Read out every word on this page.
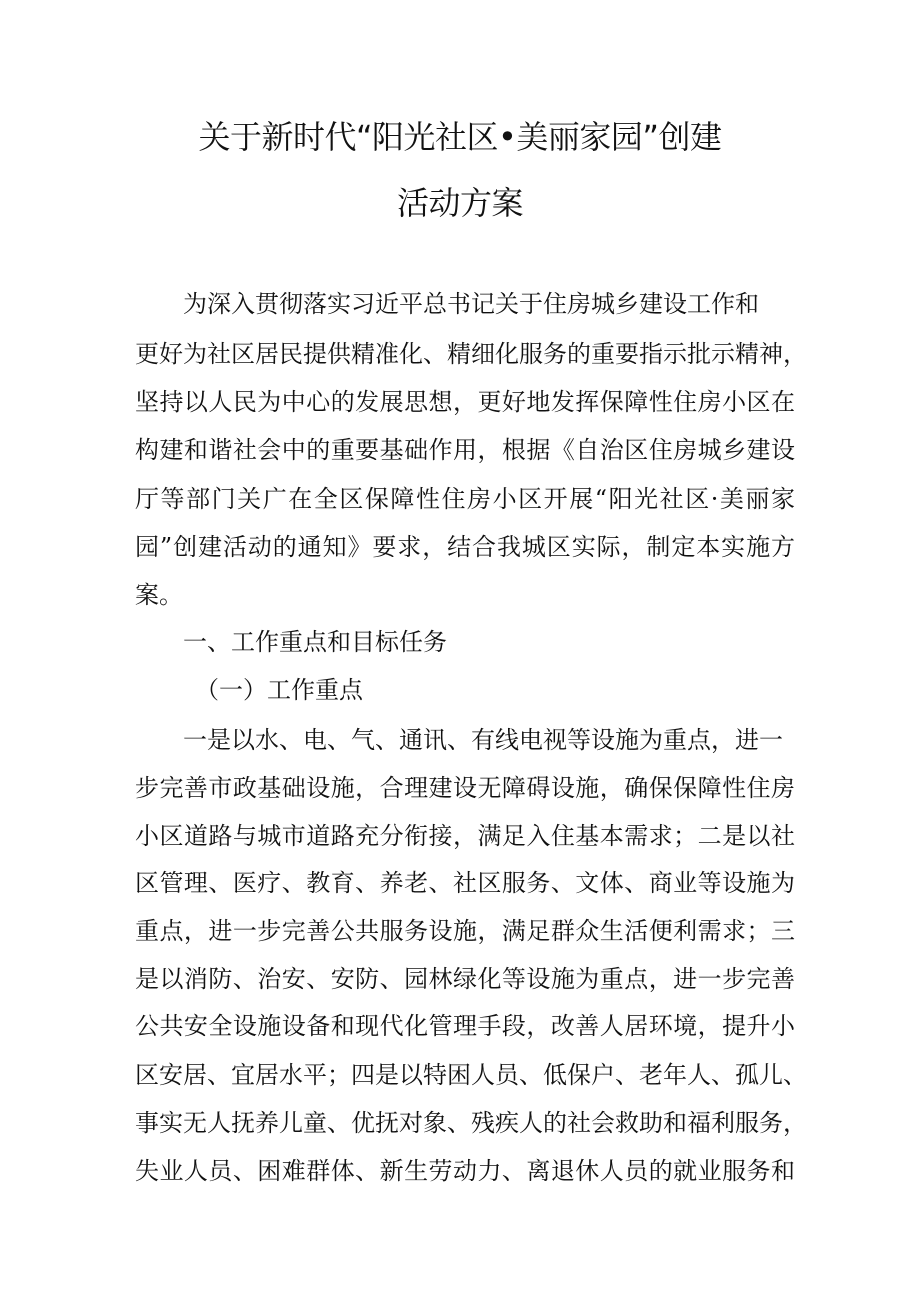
关于新时代“阳光社区•美丽家园”创建
活动方案
为深入贯彻落实习近平总书记关于住房城乡建设工作和
更好为社区居民提供精准化、精细化服务的重要指示批示精神，
坚持以人民为中心的发展思想，更好地发挥保障性住房小区在
构建和谐社会中的重要基础作用，根据《自治区住房城乡建设
厅等部门关广在全区保障性住房小区开展“阳光社区·美丽家
园”创建活动的通知》要求，结合我城区实际，制定本实施方
案。
一、工作重点和目标任务
（一）工作重点
一是以水、电、气、通讯、有线电视等设施为重点，进一
步完善市政基础设施，合理建设无障碍设施，确保保障性住房
小区道路与城市道路充分衔接，满足入住基本需求；二是以社
区管理、医疗、教育、养老、社区服务、文体、商业等设施为
重点，进一步完善公共服务设施，满足群众生活便利需求；三
是以消防、治安、安防、园林绿化等设施为重点，进一步完善
公共安全设施设备和现代化管理手段，改善人居环境，提升小
区安居、宜居水平；四是以特困人员、低保户、老年人、孤儿、
事实无人抚养儿童、优抚对象、残疾人的社会救助和福利服务，
失业人员、困难群体、新生劳动力、离退休人员的就业服务和
